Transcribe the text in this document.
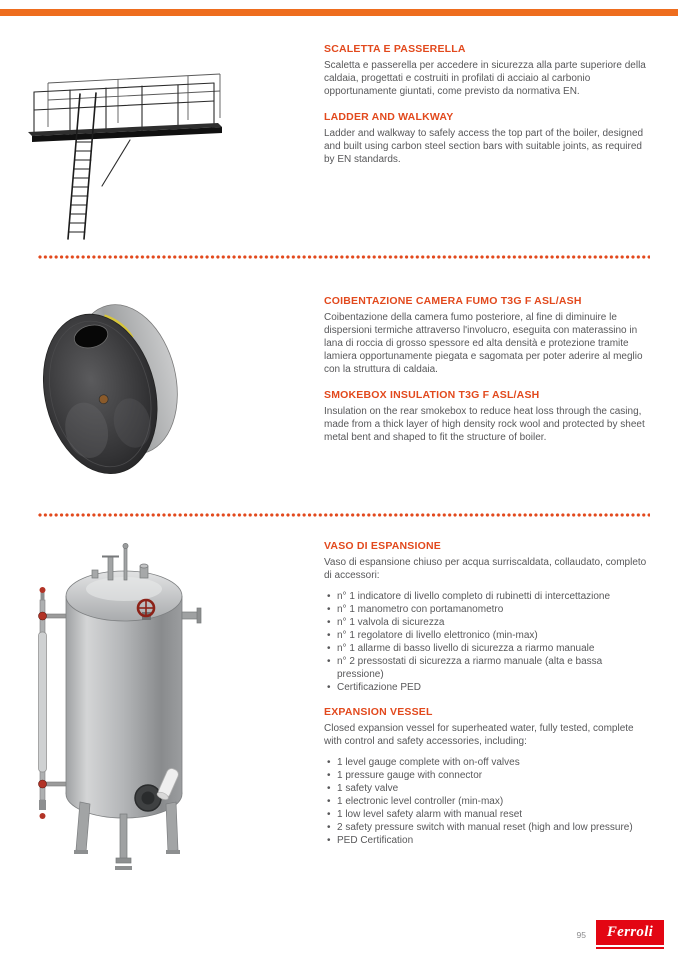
SCALETTA E PASSERELLA

Scaletta e passerella per accedere in sicurezza alla parte superiore della caldaia, progettati e costruiti in profilati di acciaio al carbonio opportunamente giuntati, come previsto da normativa EN.

LADDER AND WALKWAY

Ladder and walkway to safely access the top part of the boiler, designed and built using carbon steel section bars with suitable joints, as required by EN standards.

COIBENTAZIONE CAMERA FUMO T3G F ASL/ASH

Coibentazione della camera fumo posteriore, al fine di diminuire le dispersioni termiche attraverso l'involucro, eseguita con materassino in lana di roccia di grosso spessore ed alta densità e protezione tramite lamiera opportunamente piegata e sagomata per poter aderire al meglio con la struttura di caldaia.

SMOKEBOX INSULATION T3G F ASL/ASH

Insulation on the rear smokebox to reduce heat loss through the casing, made from a thick layer of high density rock wool and protected by sheet metal bent and shaped to fit the structure of boiler.

VASO DI ESPANSIONE

Vaso di espansione chiuso per acqua surriscaldata, collaudato, completo di accessori:

• n° 1 indicatore di livello completo di rubinetti di intercettazione
• n° 1 manometro con portamanometro
• n° 1 valvola di sicurezza
• n° 1 regolatore di livello elettronico (min-max)
• n° 1 allarme di basso livello di sicurezza a riarmo manuale
• n° 2 pressostati di sicurezza a riarmo manuale (alta e bassa pressione)
• Certificazione PED
EXPANSION VESSEL

Closed expansion vessel for superheated water, fully tested, complete with control and safety accessories, including:

• 1 level gauge complete with on-off valves
• 1 pressure gauge with connector
• 1 safety valve
• 1 electronic level controller (min-max)
• 1 low level safety alarm with manual reset
• 2 safety pressure switch with manual reset (high and low pressure)
• PED Certification
95 Ferroli
